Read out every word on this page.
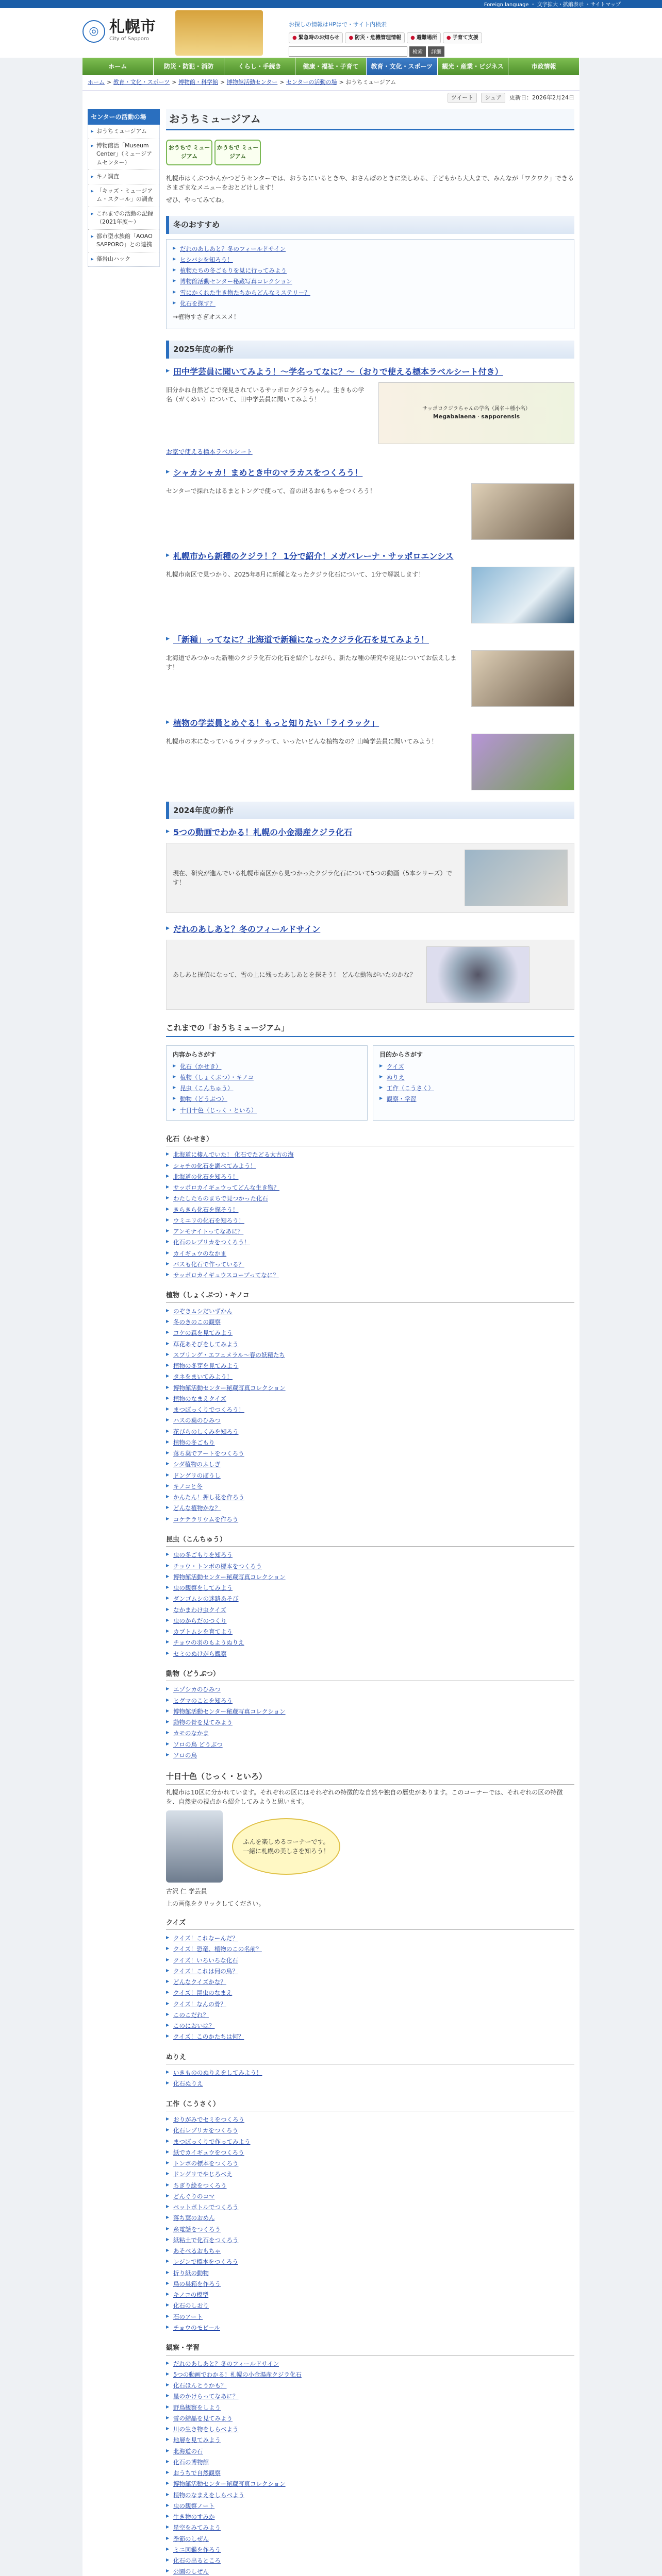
Foreign language ・ 文字拡大・拡縮表示 ・サイトマップ
◎ 札幌市
City of Sapporo
お探しの情報はHPはで・サイト内検索
● 緊急時のお知らせ	● 防災・危機管理情報	● 避難場所	● 子育て支援
検索	詳細
ホーム	防災・防犯・消防	くらし・手続き	健康・福祉・子育て	教育・文化・スポーツ	観光・産業・ビジネス	市政情報
ホーム > 教育・文化・スポーツ > 博物館・科学館 > 博物館活動センター > センターの活動の場 > おうちミュージアム
ツイート	シェア	更新日：2026年2月24日
センターの活動の場
▸ おうちミュージアム
▸ 博物館活「Museum Center」（ミュージアムセンター）
▸ キノ調査
▸ 「キッズ・ミュージアム・スクール」の調査
▸ これまでの活動の記録（2021年度～）
▸ 都市型水族館「AOAO SAPPORO」との連携
▸ 藻岩山ハック
おうちミュージアム
おうちで ミュージアム
かうちで ミュージアム

札幌市はくぶつかんかつどうセンターでは、おうちにいるときや、おさんぽのときに楽しめる、子どもから大人まで、みんなが「ワクワク」できるさまざまなメニューをおとどけします！

ぜひ、やってみてね。

冬のおすすめ
▶ だれのあしあと？冬のフィールドサイン
▶ ヒシバシを知ろう！
▶ 植物たちの冬ごもりを見に行ってみよう
▶ 博物館活動センター秘蔵写真コレクション
▶ 雪にかくれた生き物たちからどんなミステリー？
▶ 化石を探す？

→植物すさぎオススメ！

2025年度の新作
▶ 田中学芸員に聞いてみよう！〜学名ってなに？〜（おりで使える標本ラベルシート付き）

旧分かね自然どこで発見されているサッポロクジラちゃん。生きもの学名（ガくめい）について、田中学芸員に聞いてみよう！

サッポロクジラちゃんの学名（属名＋種小名）
Megabalaena · sapporensis

お家で使える標本ラベルシート

▶ シャカシャカ！まめとき中のマラカスをつくろう！

センターで採れたはるまとトングで使って、音の出るおもちゃをつくろう！

▶ 札幌市から新種のクジラ！？ 1分で紹介！メガバレーナ・サッポロエンシス

札幌市南区で見つかり、2025年8月に新種となったクジラ化石について、1分で解説します！

▶ 「新種」ってなに？北海道で新種になったクジラ化石を見てみよう！

北海道でみつかった新種のクジラ化石の化石を紹介しながら、新たな種の研究や発見についてお伝えします！

▶ 植物の学芸員とめぐる！もっと知りたい「ライラック」

札幌市の木になっているライラックって、いったいどんな植物なの？山崎学芸員に聞いてみよう！

2024年度の新作
▶ 5つの動画でわかる！札幌の小金湯産クジラ化石

現在、研究が進んでいる札幌市南区から見つかったクジラ化石について5つの動画（5本シリーズ）です！

▶ だれのあしあと？冬のフィールドサイン

あしあと探偵になって、雪の上に残ったあしあとを探そう！ どんな動物がいたのかな？

これまでの「おうちミュージアム」
内容からさがす
▶ 化石（かせき）
▶ 植物（しょくぶつ）・キノコ
▶ 昆虫（こんちゅう）
▶ 動物（どうぶつ）
▶ 十日十色（じっく・といろ）
目的からさがす
▶ クイズ
▶ ぬりえ
▶ 工作（こうさく）
▶ 観察・学習
化石（かせき）
▶ 北海道に棲んでいた！ 化石でたどる太古の海
▶ シャチの化石を調べてみよう！
▶ 北海道の化石を知ろう！
▶ サッポロカイギュウってどんな生き物？
▶ わたしたちのまちで見つかった化石
▶ きらきら化石を探そう！
▶ ウミユリの化石を知ろう！
▶ アンモナイトってなあに？
▶ 化石のレプリカをつくろう！
▶ カイギュウのなかま
▶ バスも化石で作っている？
▶ サッポロカイギュウスコープってなに？
植物（しょくぶつ）・キノコ
▶ のぞきムシだいずかん
▶ 冬のきのこの観察
▶ コケの森を見てみよう
▶ 草花あそびをしてみよう
▶ スプリング・エフェメラル〜春の妖精たち
▶ 植物の冬芽を見てみよう
▶ タネをまいてみよう！
▶ 博物館活動センター秘蔵写真コレクション
▶ 植物のなまえクイズ
▶ まつぼっくりでつくろう！
▶ ハスの葉のひみつ
▶ 花びらのしくみを知ろう
▶ 植物の冬ごもり
▶ 落ち葉でアートをつくろう
▶ シダ植物のふしぎ
▶ ドングリのぼうし
▶ キノコと冬
▶ かんたん！押し花を作ろう
▶ どんな植物かな？
▶ コケテラリウムを作ろう
昆虫（こんちゅう）
▶ 虫の冬ごもりを知ろう
▶ チョウ・トンボの標本をつくろう
▶ 博物館活動センター秘蔵写真コレクション
▶ 虫の観察をしてみよう
▶ ダンゴムシの迷路あそび
▶ なかまわけ虫クイズ
▶ 虫のからだのつくり
▶ カブトムシを育てよう
▶ チョウの羽のもようぬりえ
▶ セミのぬけがら観察
動物（どうぶつ）
▶ エゾシカのひみつ
▶ ヒグマのことを知ろう
▶ 博物館活動センター秘蔵写真コレクション
▶ 動物の骨を見てみよう
▶ カモのなかま
▶ ソロの鳥 どうぶつ
▶ ソロの鳥
十日十色（じっく・といろ）

札幌市は10区に分かれています。それぞれの区にはそれぞれの特徴的な自然や独自の歴史があります。このコーナーでは、それぞれの区の特徴を、自然史の視点から紹介してみようと思います。

ふんを楽しめるコーナーです。一緒に札幌の美しさを知ろう！

古沢 仁 学芸員

上の画像をクリックしてください。

クイズ
▶ クイズ！これなーんだ？
▶ クイズ！恐竜、植物のこの名前？
▶ クイズ！いろいろな化石
▶ クイズ！これは何の鳥？
▶ どんなクイズかな？
▶ クイズ！昆虫のなまえ
▶ クイズ！なんの骨？
▶ このこだれ？
▶ このにおいは？
▶ クイズ！このかたちは何？
ぬりえ
▶ いきもののぬりえをしてみよう！
▶ 化石ぬりえ
工作（こうさく）
▶ おりがみでセミをつくろう
▶ 化石レプリカをつくろう
▶ まつぼっくりで作ってみよう
▶ 紙でカイギュウをつくろう
▶ トンボの標本をつくろう
▶ ドングリでやじろべえ
▶ ちぎり絵をつくろう
▶ どんぐりのコマ
▶ ペットボトルでつくろう
▶ 落ち葉のおめん
▶ 糸電話をつくろう
▶ 紙粘土で化石をつくろう
▶ あそべるおもちゃ
▶ レジンで標本をつくろう
▶ 折り紙の動物
▶ 鳥の巣箱を作ろう
▶ キノコの模型
▶ 化石のしおり
▶ 石のアート
▶ チョウのモビール
観察・学習
▶ だれのあしあと？冬のフィールドサイン
▶ 5つの動画でわかる！札幌の小金湯産クジラ化石
▶ 化石ほんとうかも？
▶ 星のかけらってなあに？
▶ 野鳥観察をしよう
▶ 雪の結晶を見てみよう
▶ 川の生き物をしらべよう
▶ 地層を見てみよう
▶ 北海道の石
▶ 化石の博物館
▶ おうちで自然観察
▶ 博物館活動センター秘蔵写真コレクション
▶ 植物のなまえをしらべよう
▶ 虫の観察ノート
▶ 生き物のすみか
▶ 星空をみてみよう
▶ 季節のしぜん
▶ ミニ図鑑を作ろう
▶ 化石の出るところ
▶ 公園のしぜん
